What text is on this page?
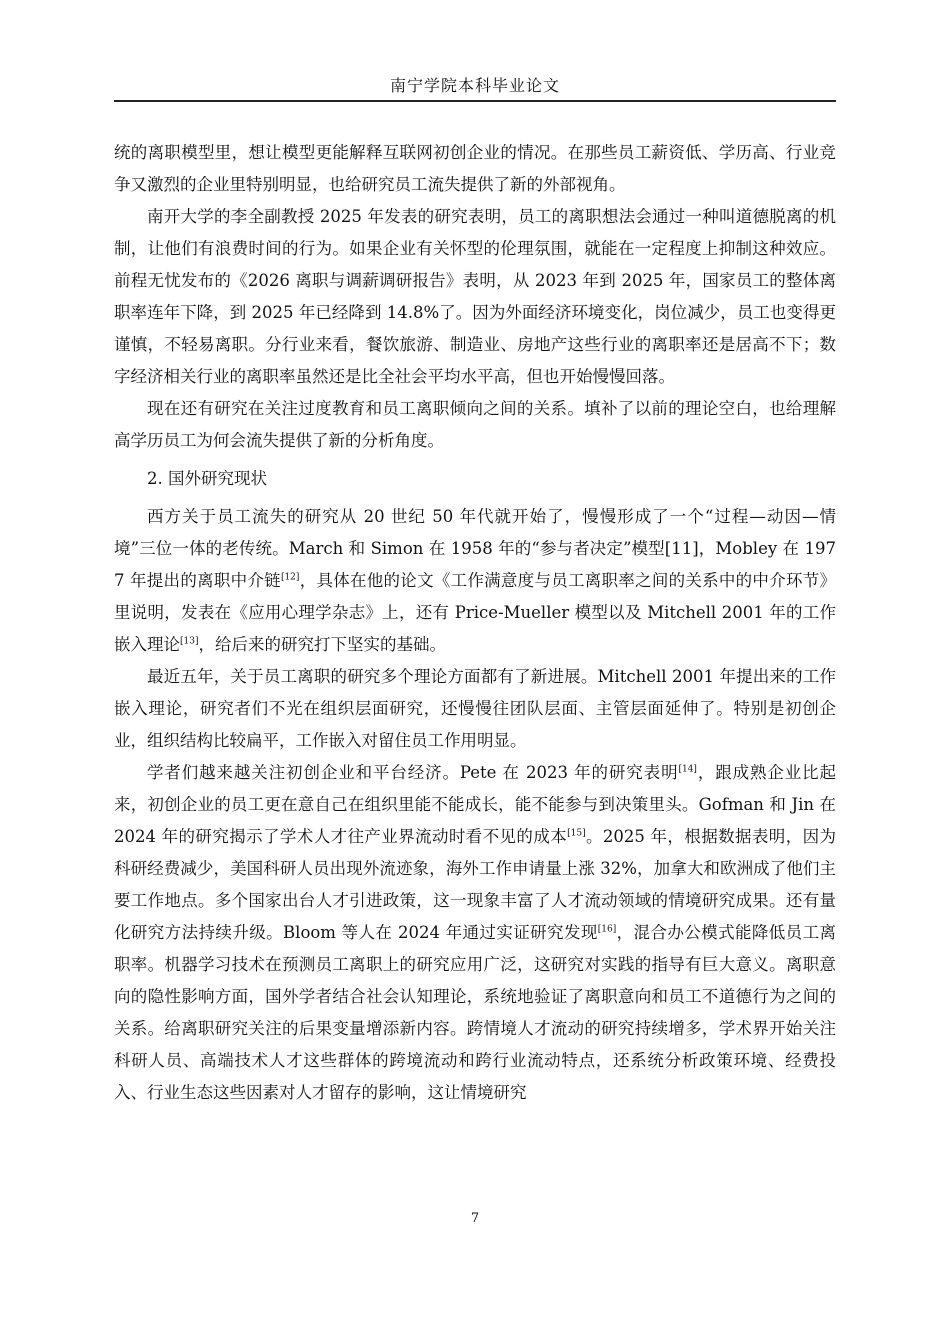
南宁学院本科毕业论文

统的离职模型里，想让模型更能解释互联网初创企业的情况。在那些员工薪资低、学历高、行业竞争又激烈的企业里特别明显，也给研究员工流失提供了新的外部视角。

南开大学的李全副教授 2025 年发表的研究表明，员工的离职想法会通过一种叫道德脱离的机制，让他们有浪费时间的行为。如果企业有关怀型的伦理氛围，就能在一定程度上抑制这种效应。前程无忧发布的《2026 离职与调薪调研报告》表明，从 2023 年到 2025 年，国家员工的整体离职率连年下降，到 2025 年已经降到 14.8%了。因为外面经济环境变化，岗位减少，员工也变得更谨慎，不轻易离职。分行业来看，餐饮旅游、制造业、房地产这些行业的离职率还是居高不下；数字经济相关行业的离职率虽然还是比全社会平均水平高，但也开始慢慢回落。

现在还有研究在关注过度教育和员工离职倾向之间的关系。填补了以前的理论空白，也给理解高学历员工为何会流失提供了新的分析角度。

2. 国外研究现状

西方关于员工流失的研究从 20 世纪 50 年代就开始了，慢慢形成了一个“过程—动因—情境”三位一体的老传统。March 和 Simon 在 1958 年的“参与者决定”模型[11]，Mobley 在 1977 年提出的离职中介链[12]，具体在他的论文《工作满意度与员工离职率之间的关系中的中介环节》里说明，发表在《应用心理学杂志》上，还有 Price-Mueller 模型以及 Mitchell 2001 年的工作嵌入理论[13]，给后来的研究打下坚实的基础。

最近五年，关于员工离职的研究多个理论方面都有了新进展。Mitchell 2001 年提出来的工作嵌入理论，研究者们不光在组织层面研究，还慢慢往团队层面、主管层面延伸了。特别是初创企业，组织结构比较扁平，工作嵌入对留住员工作用明显。

学者们越来越关注初创企业和平台经济。Pete 在 2023 年的研究表明[14]，跟成熟企业比起来，初创企业的员工更在意自己在组织里能不能成长，能不能参与到决策里头。Gofman 和 Jin 在 2024 年的研究揭示了学术人才往产业界流动时看不见的成本[15]。2025 年，根据数据表明，因为科研经费减少，美国科研人员出现外流迹象，海外工作申请量上涨 32%，加拿大和欧洲成了他们主要工作地点。多个国家出台人才引进政策，这一现象丰富了人才流动领域的情境研究成果。还有量化研究方法持续升级。Bloom 等人在 2024 年通过实证研究发现[16]，混合办公模式能降低员工离职率。机器学习技术在预测员工离职上的研究应用广泛，这研究对实践的指导有巨大意义。离职意向的隐性影响方面，国外学者结合社会认知理论，系统地验证了离职意向和员工不道德行为之间的关系。给离职研究关注的后果变量增添新内容。跨情境人才流动的研究持续增多，学术界开始关注科研人员、高端技术人才这些群体的跨境流动和跨行业流动特点，还系统分析政策环境、经费投入、行业生态这些因素对人才留存的影响，这让情境研究

7
